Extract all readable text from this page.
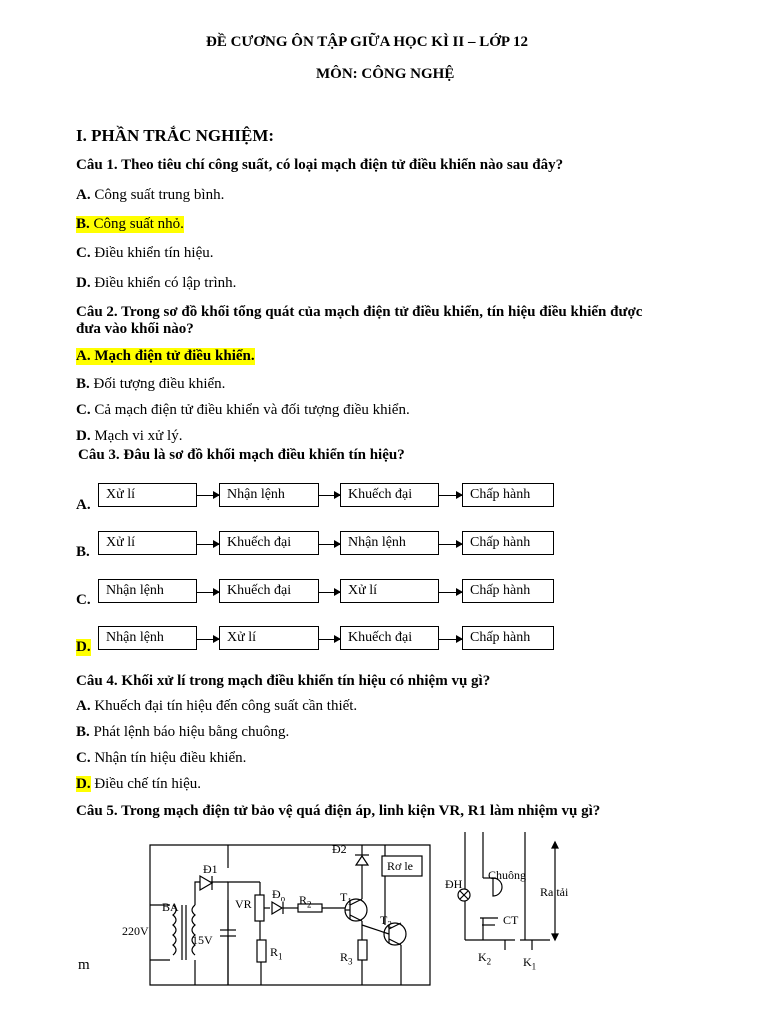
ĐỀ CƯƠNG ÔN TẬP GIỮA HỌC KÌ II – LỚP 12
MÔN: CÔNG NGHỆ
I. PHẦN TRẮC NGHIỆM:
Câu 1. Theo tiêu chí công suất, có loại mạch điện tử điều khiển nào sau đây?
A. Công suất trung bình.
B. Công suất nhỏ.
C. Điều khiển tín hiệu.
D. Điều khiển có lập trình.
Câu 2. Trong sơ đồ khối tổng quát của mạch điện tử điều khiển, tín hiệu điều khiển được
đưa vào khối nào?
A. Mạch điện tử điều khiển.
B. Đối tượng điều khiển.
C. Cả mạch điện tử điều khiển và đối tượng điều khiển.
D. Mạch vi xử lý.
Câu 3. Đâu là sơ đồ khối mạch điều khiển tín hiệu?
A.
Xử lí	Nhận lệnh	Khuếch đại	Chấp hành
B.
Xử lí	Khuếch đại	Nhận lệnh	Chấp hành
C.
Nhận lệnh	Khuếch đại	Xử lí	Chấp hành
D.
Nhận lệnh	Xử lí	Khuếch đại	Chấp hành
Câu 4. Khối xử lí trong mạch điều khiển tín hiệu có nhiệm vụ gì?
A. Khuếch đại tín hiệu đến công suất cần thiết.
B. Phát lệnh báo hiệu bằng chuông.
C. Nhận tín hiệu điều khiển.
D. Điều chế tín hiệu.
Câu 5. Trong mạch điện tử bảo vệ quá điện áp, linh kiện VR, R1 làm nhiệm vụ gì?
m
Đ1
BA
220V
15V
VR
$Đ_o$ $R_2$
$R_1$
Đ2
$T_1$
$T_2$
$R_3$
Rơ le
ĐH
Chuông
CT
Ra tải
$K_2$	$K_1$
